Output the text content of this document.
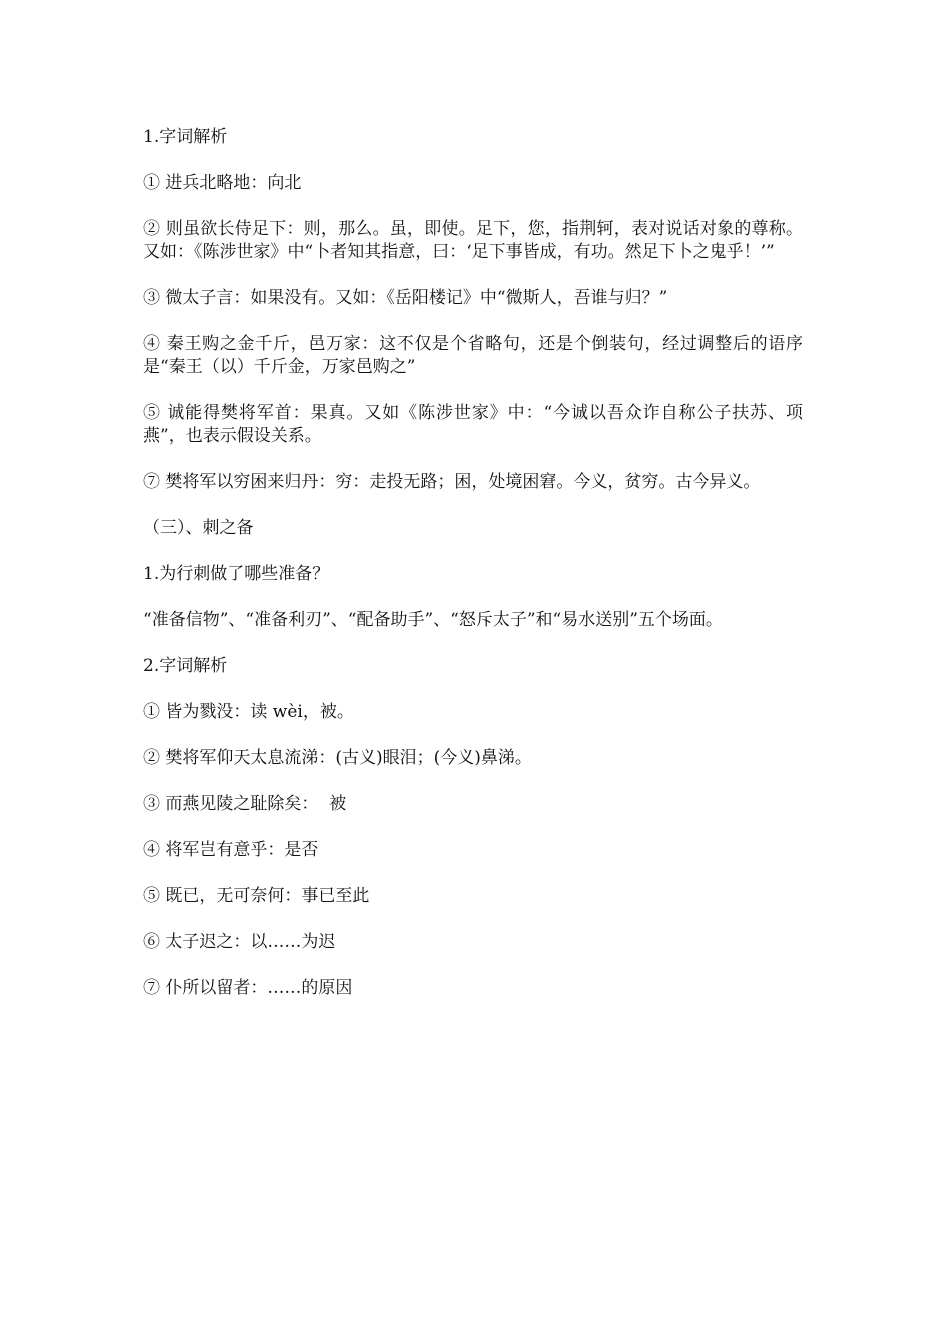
1.字词解析

① 进兵北略地：向北

② 则虽欲长侍足下：则，那么。虽，即使。足下，您，指荆轲，表对说话对象的尊称。又如：《陈涉世家》中“卜者知其指意，曰：‘足下事皆成，有功。然足下卜之鬼乎！’”

③ 微太子言：如果没有。又如：《岳阳楼记》中“微斯人，吾谁与归？”

④ 秦王购之金千斤，邑万家：这不仅是个省略句，还是个倒装句，经过调整后的语序是“秦王（以）千斤金，万家邑购之”

⑤ 诚能得樊将军首：果真。又如《陈涉世家》中：“今诚以吾众诈自称公子扶苏、项燕”，也表示假设关系。

⑦ 樊将军以穷困来归丹：穷：走投无路；困，处境困窘。今义，贫穷。古今异义。

（三）、刺之备

1.为行刺做了哪些准备？

“准备信物”、“准备利刃”、“配备助手”、“怒斥太子”和“易水送别”五个场面。

2.字词解析

① 皆为戮没：读 wèi，被。

② 樊将军仰天太息流涕：(古义)眼泪；(今义)鼻涕。

③ 而燕见陵之耻除矣：  被

④ 将军岂有意乎：是否

⑤ 既已，无可奈何：事已至此

⑥ 太子迟之：以……为迟

⑦ 仆所以留者：……的原因
